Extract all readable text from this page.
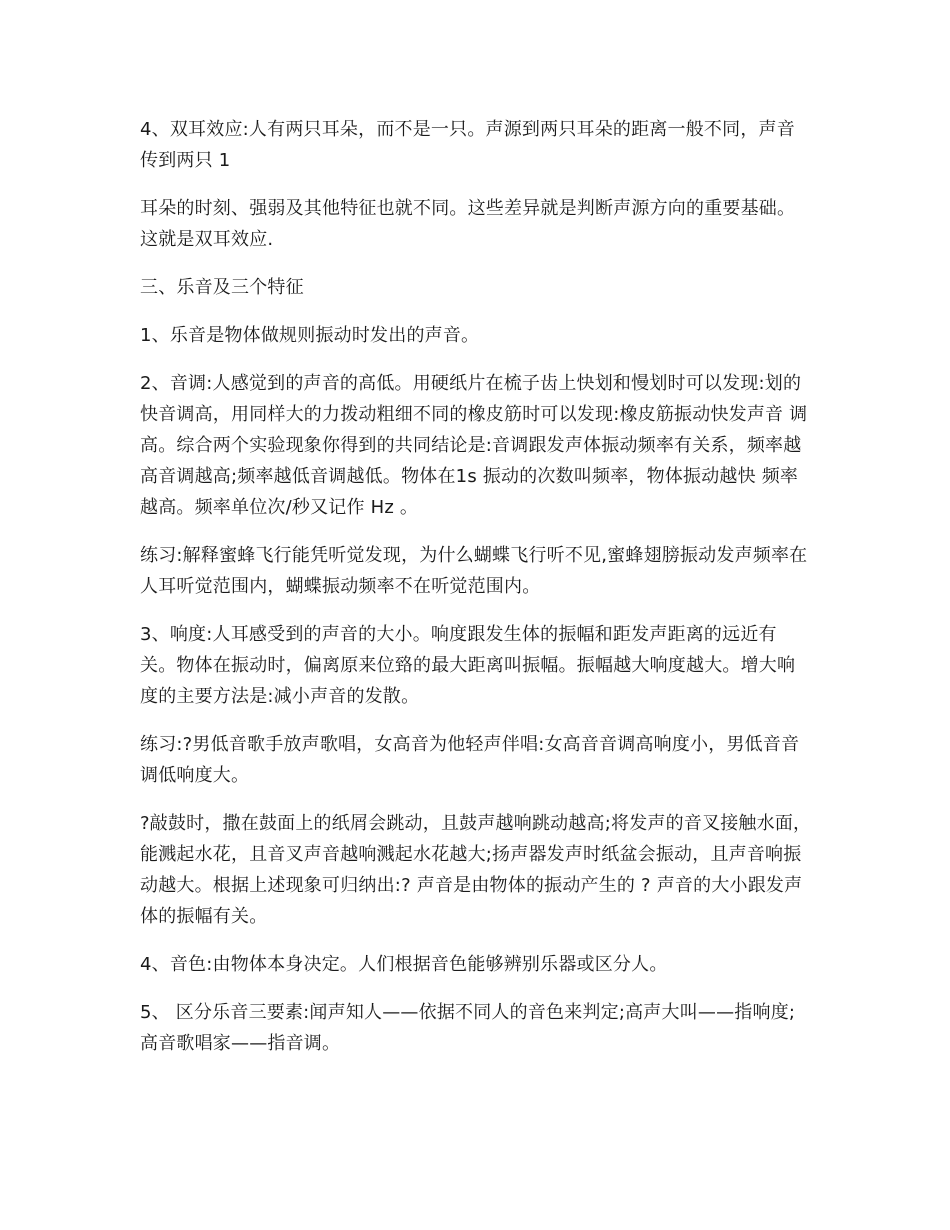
4、双耳效应:人有两只耳朵，而不是一只。声源到两只耳朵的距离一般不同，声音传到两只 1

耳朵的时刻、强弱及其他特征也就不同。这些差异就是判断声源方向的重要基础。这就是双耳效应.

三、乐音及三个特征

1、乐音是物体做规则振动时发出的声音。

2、音调:人感觉到的声音的高低。用硬纸片在梳子齿上快划和慢划时可以发现:划的快音调高，用同样大的力拨动粗细不同的橡皮筋时可以发现:橡皮筋振动快发声音 调高。综合两个实验现象你得到的共同结论是:音调跟发声体振动频率有关系，频率越高音调越高;频率越低音调越低。物体在1s 振动的次数叫频率，物体振动越快 频率越高。频率单位次/秒又记作 Hz 。

练习:解释蜜蜂飞行能凭听觉发现，为什么蝴蝶飞行听不见,蜜蜂翅膀振动发声频率在人耳听觉范围内，蝴蝶振动频率不在听觉范围内。

3、响度:人耳感受到的声音的大小。响度跟发生体的振幅和距发声距离的远近有关。物体在振动时，偏离原来位臵的最大距离叫振幅。振幅越大响度越大。增大响度的主要方法是:减小声音的发散。

练习:?男低音歌手放声歌唱，女高音为他轻声伴唱:女高音音调高响度小，男低音音调低响度大。

?敲鼓时，撒在鼓面上的纸屑会跳动，且鼓声越响跳动越高;将发声的音叉接触水面，能溅起水花，且音叉声音越响溅起水花越大;扬声器发声时纸盆会振动，且声音响振动越大。根据上述现象可归纳出:? 声音是由物体的振动产生的 ? 声音的大小跟发声体的振幅有关。

4、音色:由物体本身决定。人们根据音色能够辨别乐器或区分人。

5、 区分乐音三要素:闻声知人——依据不同人的音色来判定;高声大叫——指响度;高音歌唱家——指音调。
